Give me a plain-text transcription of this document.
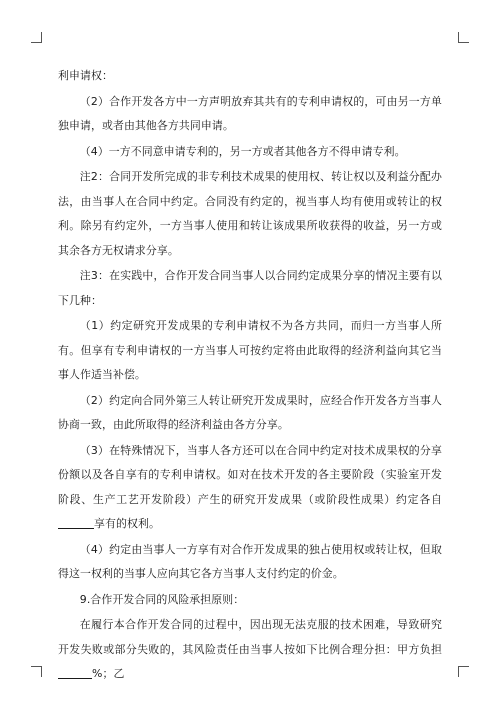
利申请权：

（2）合作开发各方中一方声明放弃其共有的专利申请权的，可由另一方单独申请，或者由其他各方共同申请。

（4）一方不同意申请专利的，另一方或者其他各方不得申请专利。

注2：合同开发所完成的非专利技术成果的使用权、转让权以及利益分配办法，由当事人在合同中约定。合同没有约定的，视当事人均有使用或转让的权利。除另有约定外，一方当事人使用和转让该成果所收获得的收益，另一方或其余各方无权请求分享。

注3：在实践中，合作开发合同当事人以合同约定成果分享的情况主要有以下几种：

（1）约定研究开发成果的专利申请权不为各方共同，而归一方当事人所有。但享有专利申请权的一方当事人可按约定将由此取得的经济利益向其它当事人作适当补偿。

（2）约定向合同外第三人转让研究开发成果时，应经合作开发各方当事人协商一致，由此所取得的经济利益由各方分享。

（3）在特殊情况下，当事人各方还可以在合同中约定对技术成果权的分享份额以及各自享有的专利申请权。如对在技术开发的各主要阶段（实验室开发阶段、生产工艺开发阶段）产生的研究开发成果（或阶段性成果）约定各自享有的权利。

（4）约定由当事人一方享有对合作开发成果的独占使用权或转让权，但取得这一权利的当事人应向其它各方当事人支付约定的价金。

9.合作开发合同的风险承担原则：

在履行本合作开发合同的过程中，因出现无法克服的技术困难，导致研究开发失败或部分失败的，其风险责任由当事人按如下比例合理分担：甲方负担%；乙
